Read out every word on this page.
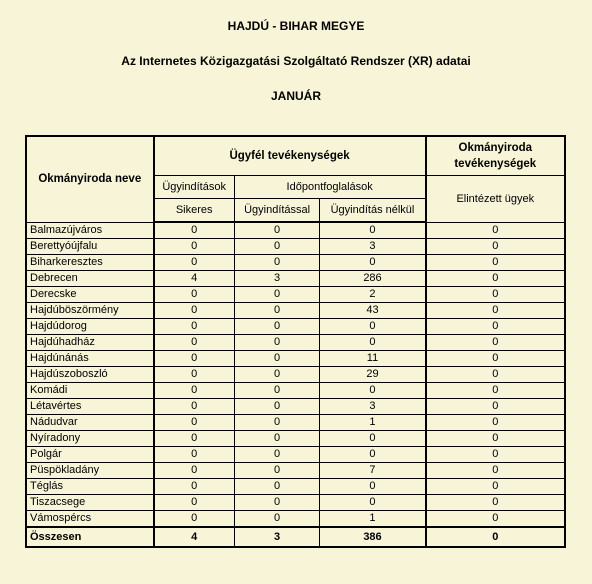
HAJDÚ - BIHAR MEGYE
Az Internetes Közigazgatási Szolgáltató Rendszer (XR) adatai
JANUÁR
Okmányiroda neve	Ügyfél tevékenységek			Okmányiroda tevékenységek

	Ügyindítások	Időpontfoglalások		Elintézett ügyek
	Sikeres	Ügyindítással	Ügyindítás nélkül	
Balmazújváros	0	0	0	0
Berettyóújfalu	0	0	3	0
Biharkeresztes	0	0	0	0
Debrecen	4	3	286	0
Derecske	0	0	2	0
Hajdúböszörmény	0	0	43	0
Hajdúdorog	0	0	0	0
Hajdúhadház	0	0	0	0
Hajdúnánás	0	0	11	0
Hajdúszoboszló	0	0	29	0
Komádi	0	0	0	0
Létavértes	0	0	3	0
Nádudvar	0	0	1	0
Nyíradony	0	0	0	0
Polgár	0	0	0	0
Püspökladány	0	0	7	0
Téglás	0	0	0	0
Tiszacsege	0	0	0	0
Vámospércs	0	0	1	0
Összesen	4	3	386	0
